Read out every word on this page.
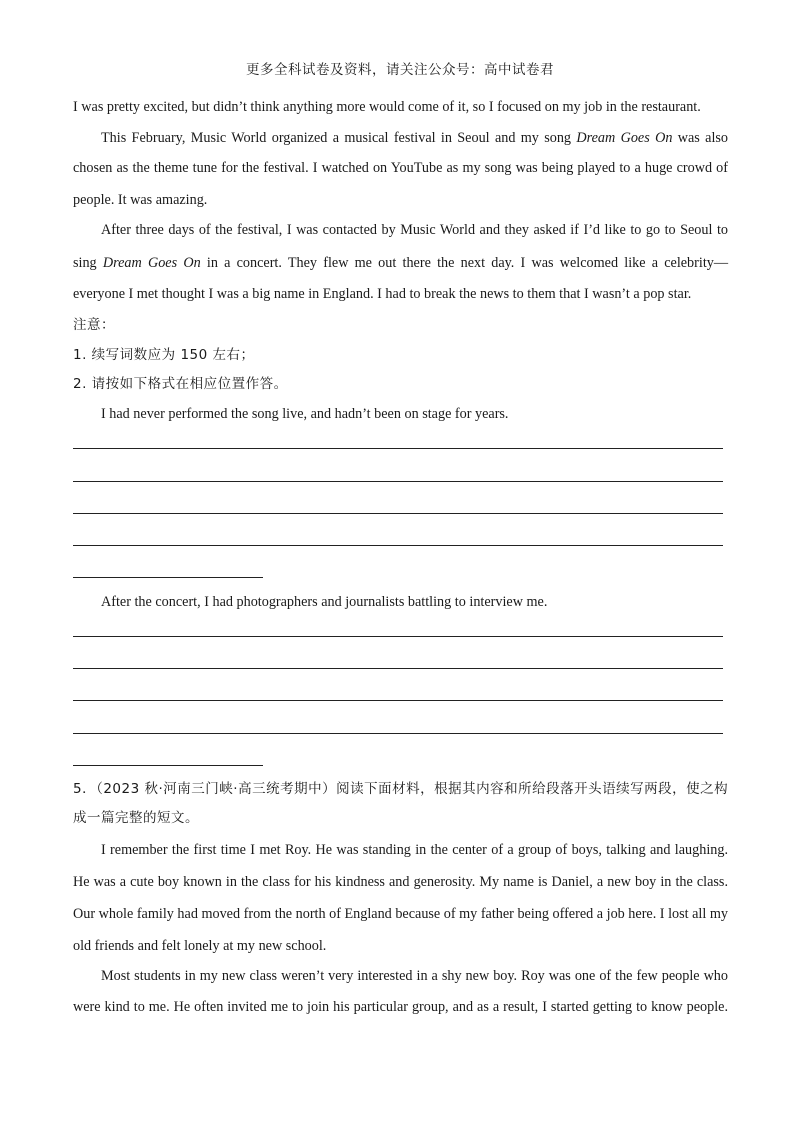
更多全科试卷及资料，请关注公众号：高中试卷君
I was pretty excited, but didn’t think anything more would come of it, so I focused on my job in the restaurant.
This February, Music World organized a musical festival in Seoul and my song Dream Goes On was also
chosen as the theme tune for the festival. I watched on YouTube as my song was being played to a huge crowd of
people. It was amazing.
After three days of the festival, I was contacted by Music World and they asked if I’d like to go to Seoul to
sing Dream Goes On in a concert. They flew me out there the next day. I was welcomed like a celebrity—
everyone I met thought I was a big name in England. I had to break the news to them that I wasn’t a pop star.
注意：
1. 续写词数应为 150 左右；
2. 请按如下格式在相应位置作答。
I had never performed the song live, and hadn’t been on stage for years.
After the concert, I had photographers and journalists battling to interview me.
5．（2023 秋·河南三门峡·高三统考期中）阅读下面材料，根据其内容和所给段落开头语续写两段，使之构
成一篇完整的短文。
I remember the first time I met Roy. He was standing in the center of a group of boys, talking and laughing.
He was a cute boy known in the class for his kindness and generosity. My name is Daniel, a new boy in the class.
Our whole family had moved from the north of England because of my father being offered a job here. I lost all my
old friends and felt lonely at my new school.
Most students in my new class weren’t very interested in a shy new boy. Roy was one of the few people who
were kind to me. He often invited me to join his particular group, and as a result, I started getting to know people.
